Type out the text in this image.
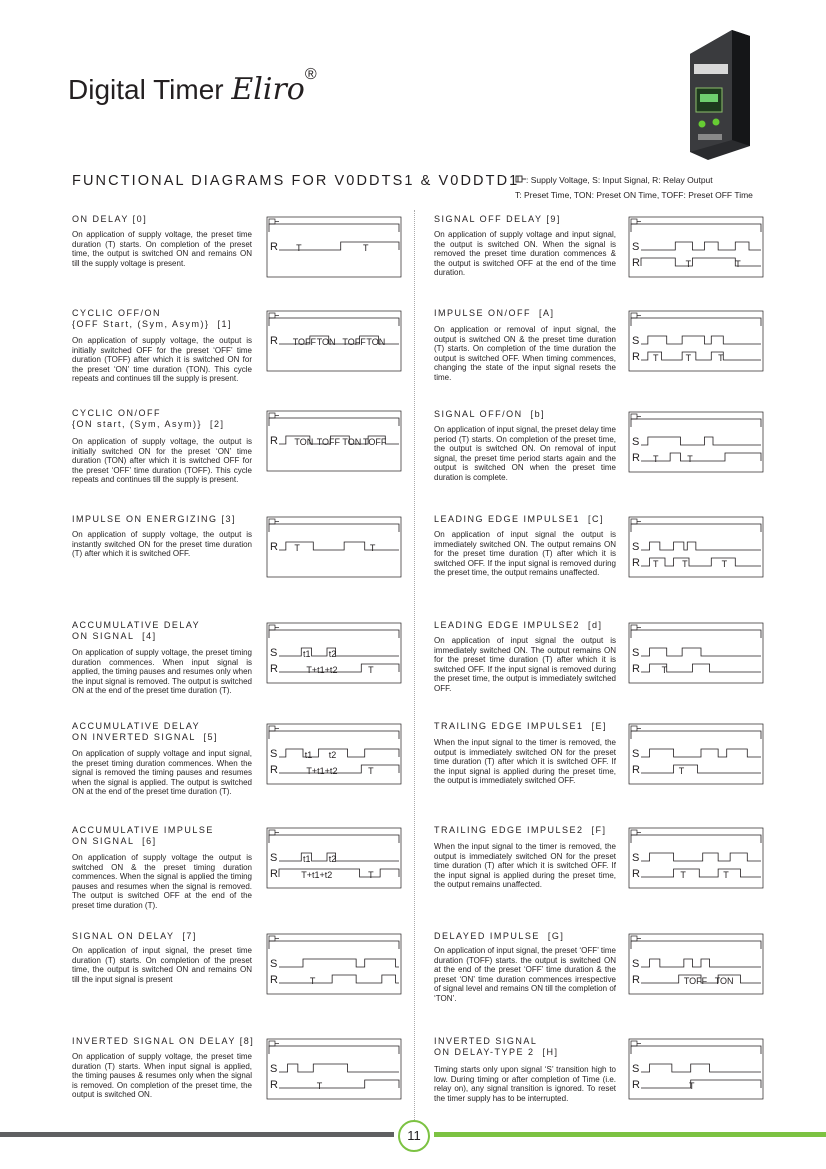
Digital Timer Eliro®
FUNCTIONAL DIAGRAMS FOR V0DDTS1 & V0DDTD1 : Supply Voltage, S: Input Signal, R: Relay Output
T: Preset Time, TON: Preset ON Time, TOFF: Preset OFF Time
ON DELAY [0]
On application of supply voltage, the preset time duration (T) starts. On completion of the preset time, the output is switched ON and remains ON till the supply voltage is present.
R T	T
CYCLIC OFF/ON
{OFF Start, (Sym, Asym)}  [1]
On application of supply voltage, the output is initially switched OFF for the preset ‘OFF’ time duration (TOFF) after which it is switched ON for the preset ‘ON’ time duration (TON). This cycle repeats and continues till the supply is present.
R TOFF TON TOFF TON
CYCLIC ON/OFF
{ON start, (Sym, Asym)}  [2]
On application of supply voltage, the output is initially switched ON for the preset ‘ON’ time duration (TON) after which it is switched OFF for the preset ‘OFF’ time duration (TOFF). This cycle repeats and continues till the supply is present.
R TON TOFF TON TOFF
IMPULSE ON ENERGIZING [3]
On application of supply voltage, the output is instantly switched ON for the preset time duration (T) after which it is switched OFF.
R T	T
ACCUMULATIVE DELAY
ON SIGNAL  [4]
On application of supply voltage, the preset timing duration commences. When input signal is applied, the timing pauses and resumes only when the input signal is removed. The output is switched ON at the end of the preset time duration (T).
S
R
t1 t2
T+t1+t2	T
ACCUMULATIVE DELAY
ON INVERTED SIGNAL  [5]
On application of supply voltage and input signal, the preset timing duration commences. When the signal is removed the timing pauses and resumes when the signal is applied. The output is switched ON at the end of the preset time duration (T).
S
R
t1 t2
T+t1+t2	T
ACCUMULATIVE IMPULSE
ON SIGNAL  [6]
On application of supply voltage the output is switched ON & the preset timing duration commences. When the signal is applied the timing pauses and resumes when the signal is removed. The output is switched OFF at the end of the preset time duration (T).
S
R
t1 t2
T+t1+t2	T
SIGNAL ON DELAY  [7]
On application of input signal, the preset time duration (T) starts. On completion of the preset time, the output is switched ON and remains ON till the input signal is present
S
R	T
INVERTED SIGNAL ON DELAY [8]
On application of supply voltage, the preset time duration (T) starts. When input signal is applied, the timing pauses & resumes only when the signal is removed. On completion of the preset time, the output is switched ON.
S
R	T
SIGNAL OFF DELAY [9]
On application of supply voltage and input signal, the output is switched ON. When the signal is removed the preset time duration commences & the output is switched OFF at the end of the time duration.
S
R	T	T
IMPULSE ON/OFF  [A]
On application or removal of input signal, the output is switched ON & the preset time duration (T) starts. On completion of the time duration the output is switched OFF. When timing commences, changing the state of the input signal resets the time.
S
R T	T	T
SIGNAL OFF/ON  [b]
On application of input signal, the preset delay time period (T) starts. On completion of the preset time, the output is switched ON. On removal of input signal, the preset time period starts again and the output is switched ON when the preset time duration is complete.
S
R T	T
LEADING EDGE IMPULSE1  [C]
On application of input signal the output is immediately switched ON. The output remains ON for the preset time duration (T) after which it is switched OFF. If the input signal is removed during the preset time, the output remains unaffected.
S
R T	T	T
LEADING EDGE IMPULSE2  [d]
On application of input signal the output is immediately switched ON. The output remains ON for the preset time duration (T) after which it is switched OFF. If the input signal is removed during the preset time, the output is immediately switched OFF.
S
R T
TRAILING EDGE IMPULSE1  [E]
When the input signal to the timer is removed, the output is immediately switched ON for the preset time duration (T) after which it is switched OFF. If the input signal is applied during the preset time, the output is immediately switched OFF.
S
R	T
TRAILING EDGE IMPULSE2  [F]
When the input signal to the timer is removed, the output is immediately switched ON for the preset time duration (T) after which it is switched OFF. If the input signal is applied during the preset time, the output remains unaffected.
S
R	T	T
DELAYED IMPULSE  [G]
On application of input signal, the preset ‘OFF’ time duration (TOFF) starts. the output is switched ON at the end of the preset ‘OFF’ time duration & the preset ‘ON’ time duration commences irrespective of signal level and remains ON till the completion of ‘TON’.
S
R	TOFF TON
INVERTED SIGNAL
ON DELAY-TYPE 2  [H]
Timing starts only upon signal ‘S’ transition high to low. During timing or after completion of Time (i.e. relay on), any signal transition is ignored. To reset the timer supply has to be interrupted.
S
R	T
11
